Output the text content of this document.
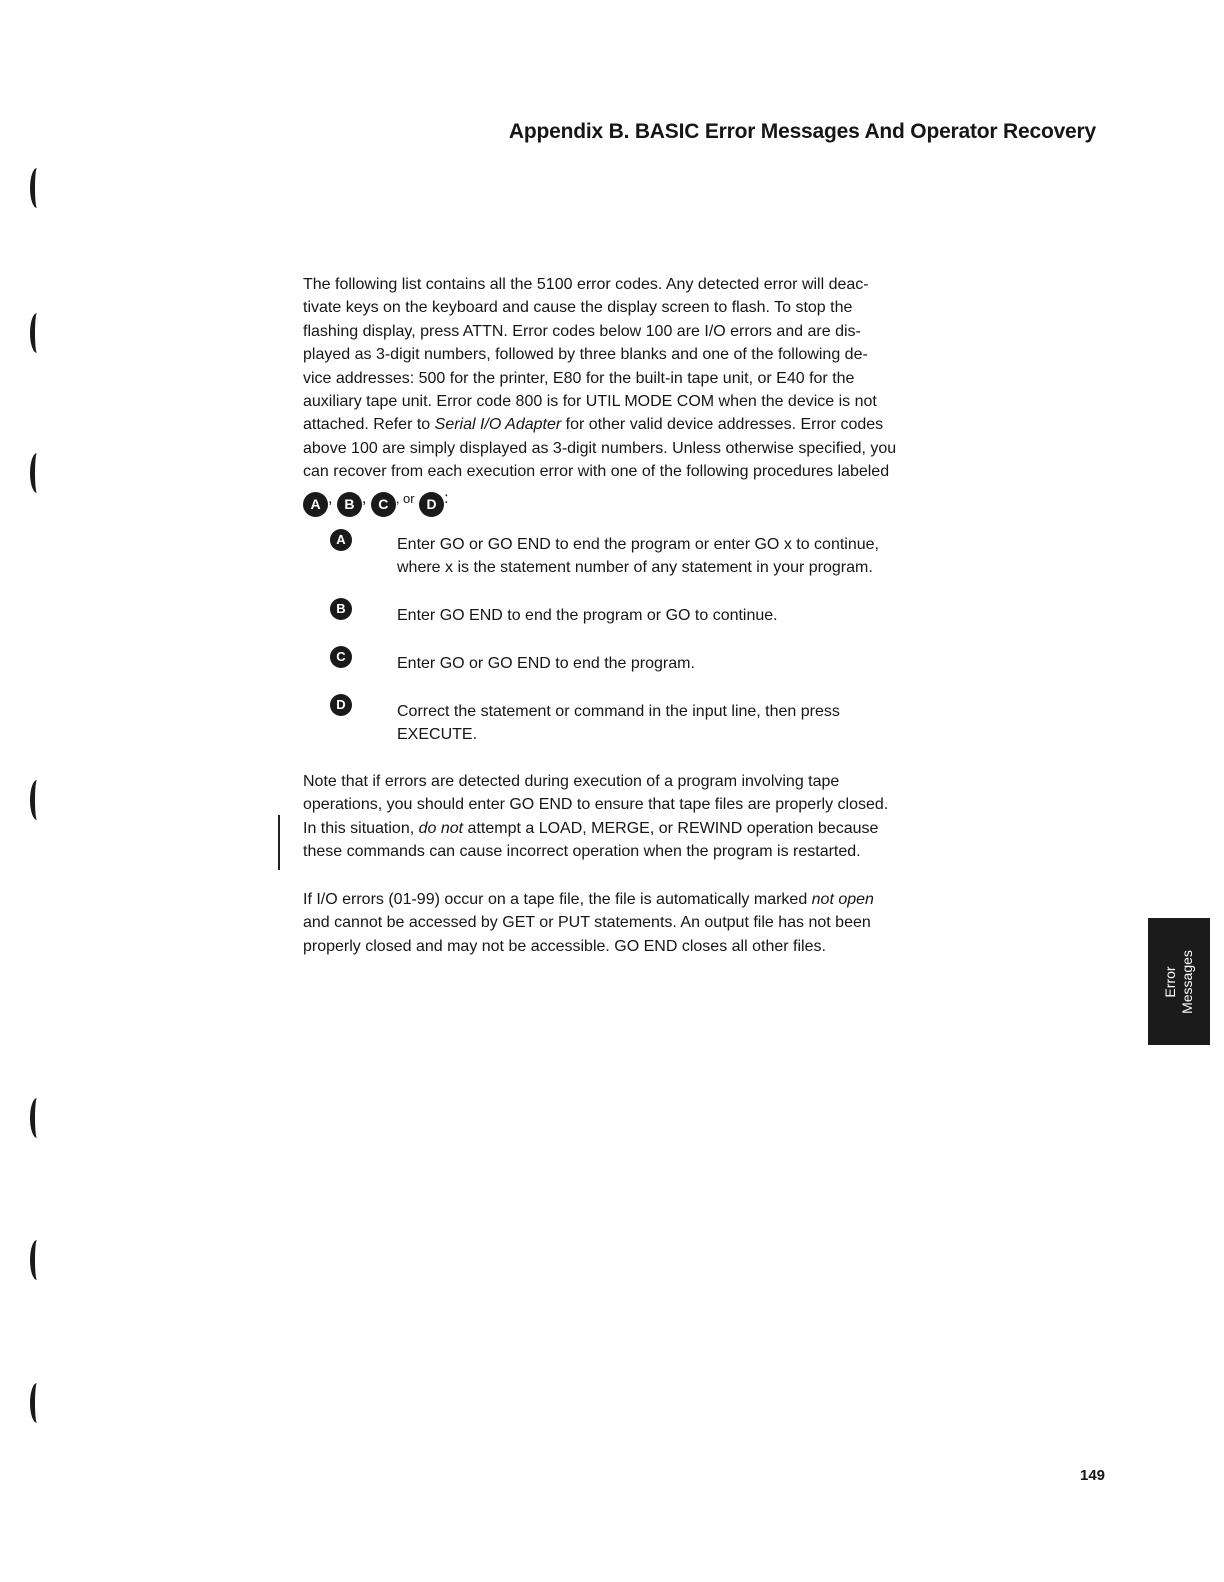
Appendix B. BASIC Error Messages And Operator Recovery
The following list contains all the 5100 error codes. Any detected error will deac-
tivate keys on the keyboard and cause the display screen to flash. To stop the
flashing display, press ATTN. Error codes below 100 are I/O errors and are dis-
played as 3-digit numbers, followed by three blanks and one of the following de-
vice addresses: 500 for the printer, E80 for the built-in tape unit, or E40 for the
auxiliary tape unit. Error code 800 is for UTIL MODE COM when the device is not
attached. Refer to Serial I/O Adapter for other valid device addresses. Error codes
above 100 are simply displayed as 3-digit numbers. Unless otherwise specified, you
can recover from each execution error with one of the following procedures labeled
A , B , C , or D :
A	Enter GO or GO END to end the program or enter GO x to continue,
where x is the statement number of any statement in your program.
B	Enter GO END to end the program or GO to continue.
C	Enter GO or GO END to end the program.
D	Correct the statement or command in the input line, then press
EXECUTE.
Note that if errors are detected during execution of a program involving tape
operations, you should enter GO END to ensure that tape files are properly closed.
In this situation, do not attempt a LOAD, MERGE, or REWIND operation because
these commands can cause incorrect operation when the program is restarted.
If I/O errors (01-99) occur on a tape file, the file is automatically marked not open
and cannot be accessed by GET or PUT statements. An output file has not been
properly closed and may not be accessible. GO END closes all other files.
Error Messages
149
